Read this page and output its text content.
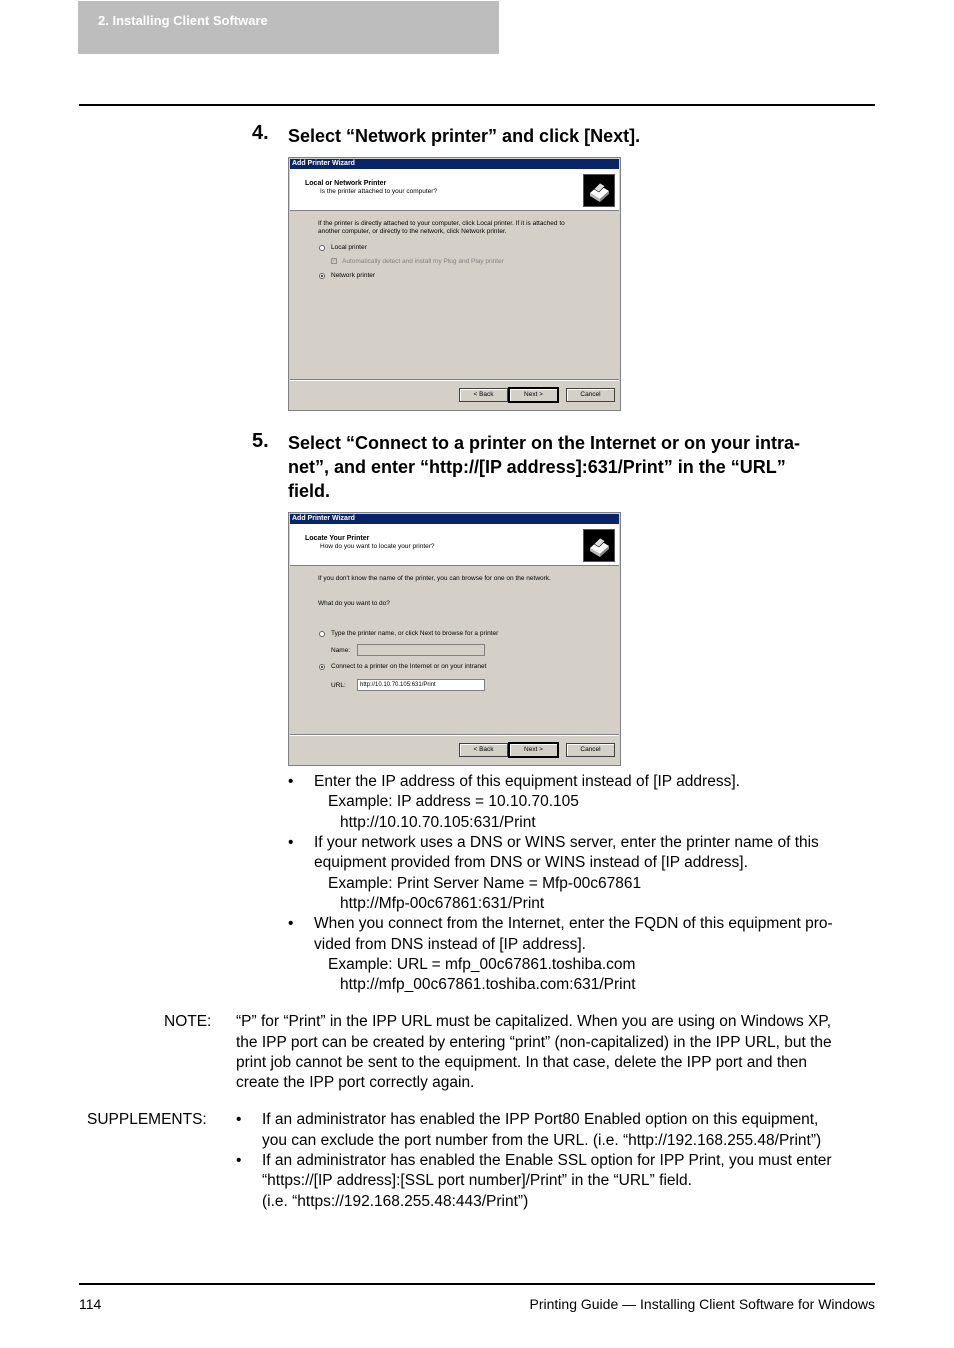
2. Installing Client Software
4. Select “Network printer” and click [Next].
Add Printer Wizard
Local or Network Printer
Is the printer attached to your computer?
If the printer is directly attached to your computer, click Local printer. If it is attached to
another computer, or directly to the network, click Network printer.
Local printer
✓ Automatically detect and install my Plug and Play printer
Network printer
< Back	Next >	Cancel
5. Select “Connect to a printer on the Internet or on your intra-
net”, and enter “http://[IP address]:631/Print” in the “URL”
field.
Add Printer Wizard
Locate Your Printer
How do you want to locate your printer?
If you don't know the name of the printer, you can browse for one on the network.
What do you want to do?
Type the printer name, or click Next to browse for a printer
Name:
Connect to a printer on the Internet or on your intranet
URL:	http://10.10.70.105:631/Print
< Back	Next >	Cancel
• Enter the IP address of this equipment instead of [IP address].
Example: IP address = 10.10.70.105
http://10.10.70.105:631/Print
• If your network uses a DNS or WINS server, enter the printer name of this
equipment provided from DNS or WINS instead of [IP address].
Example: Print Server Name = Mfp-00c67861
http://Mfp-00c67861:631/Print
• When you connect from the Internet, enter the FQDN of this equipment pro-
vided from DNS instead of [IP address].
Example: URL = mfp_00c67861.toshiba.com
http://mfp_00c67861.toshiba.com:631/Print
NOTE: “P” for “Print” in the IPP URL must be capitalized. When you are using on Windows XP,
the IPP port can be created by entering “print” (non-capitalized) in the IPP URL, but the
print job cannot be sent to the equipment. In that case, delete the IPP port and then
create the IPP port correctly again.
SUPPLEMENTS: • If an administrator has enabled the IPP Port80 Enabled option on this equipment,
you can exclude the port number from the URL. (i.e. “http://192.168.255.48/Print”)
• If an administrator has enabled the Enable SSL option for IPP Print, you must enter
“https://[IP address]:[SSL port number]/Print” in the “URL” field.
(i.e. “https://192.168.255.48:443/Print”)
114	Printing Guide — Installing Client Software for Windows
